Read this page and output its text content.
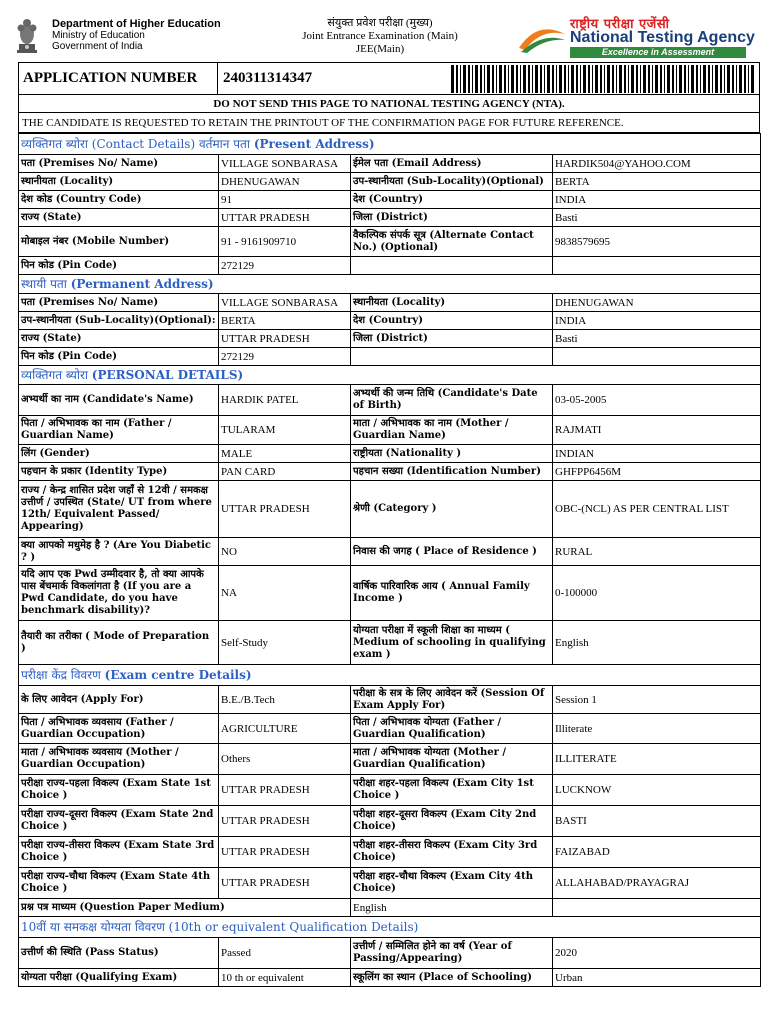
Department of Higher Education
Ministry of Education
Government of India
संयुक्त प्रवेश परीक्षा (मुख्य)
Joint Entrance Examination (Main)
JEE(Main)
राष्ट्रीय परीक्षा एजेंसी
National Testing Agency
Excellence in Assessment
APPLICATION NUMBER 240311314347
DO NOT SEND THIS PAGE TO NATIONAL TESTING AGENCY (NTA).
THE CANDIDATE IS REQUESTED TO RETAIN THE PRINTOUT OF THE CONFIRMATION PAGE FOR FUTURE REFERENCE.
व्यक्तिगत ब्योरा (Contact Details) वर्तमान पता (Present Address)			
पता (Premises No/ Name)	VILLAGE SONBARASA	ईमेल पता (Email Address)	HARDIK504@YAHOO.COM
स्थानीयता (Locality)	DHENUGAWAN	उप-स्थानीयता (Sub-Locality)(Optional)	BERTA
देश कोड (Country Code)	91	देश (Country)	INDIA
राज्य (State)	UTTAR PRADESH	जिला (District)	Basti
मोबाइल नंबर (Mobile Number)	91 - 9161909710	वैकल्पिक संपर्क सूत्र (Alternate Contact No.) (Optional)	9838579695
पिन कोड (Pin Code)	272129		
स्थायी पता (Permanent Address)			
पता (Premises No/ Name)	VILLAGE SONBARASA	स्थानीयता (Locality)	DHENUGAWAN
उप-स्थानीयता (Sub-Locality)(Optional):	BERTA	देश (Country)	INDIA
राज्य (State)	UTTAR PRADESH	जिला (District)	Basti
पिन कोड (Pin Code)	272129		
व्यक्तिगत ब्योरा (PERSONAL DETAILS)			
अभ्यर्थी का नाम (Candidate's Name)	HARDIK PATEL	अभ्यर्थी की जन्म तिथि (Candidate's Date of Birth)	03-05-2005
पिता / अभिभावक का नाम (Father / Guardian Name)	TULARAM	माता / अभिभावक का नाम (Mother / Guardian Name)	RAJMATI
लिंग (Gender)	MALE	राष्ट्रीयता (Nationality )	INDIAN
पहचान के प्रकार (Identity Type)	PAN CARD	पहचान सख्या (Identification Number)	GHFPP6456M
राज्य / केन्द्र शासित प्रदेश जहाँ से 12वी / समकक्ष उत्तीर्ण / उपस्थित (State/ UT from where 12th/ Equivalent Passed/ Appearing)	UTTAR PRADESH	श्रेणी (Category )	OBC-(NCL) AS PER CENTRAL LIST
क्या आपको मधुमेह है ? (Are You Diabetic ? )	NO	निवास की जगह ( Place of Residence )	RURAL
यदि आप एक Pwd उम्मीदवार है, तो क्या आपके पास बेंचमार्क विकलांगता है (If you are a Pwd Candidate, do you have benchmark disability)?	NA	वार्षिक पारिवारिक आय ( Annual Family Income )	0-100000
तैयारी का तरीका ( Mode of Preparation )	Self-Study	योग्यता परीक्षा में स्कूली शिक्षा का माध्यम ( Medium of schooling in qualifying exam )	English
परीक्षा केंद्र विवरण (Exam centre Details)			
के लिए आवेदन (Apply For)	B.E./B.Tech	परीक्षा के सत्र के लिए आवेदन करें (Session Of Exam Apply For)	Session 1
पिता / अभिभावक व्यवसाय (Father / Guardian Occupation)	AGRICULTURE	पिता / अभिभावक योग्यता (Father / Guardian Qualification)	Illiterate
माता / अभिभावक व्यवसाय (Mother / Guardian Occupation)	Others	माता / अभिभावक योग्यता (Mother / Guardian Qualification)	ILLITERATE
परीक्षा राज्य-पहला विकल्प (Exam State 1st Choice )	UTTAR PRADESH	परीक्षा शहर-पहला विकल्प (Exam City 1st Choice )	LUCKNOW
परीक्षा राज्य-दूसरा विकल्प (Exam State 2nd Choice )	UTTAR PRADESH	परीक्षा शहर-दूसरा विकल्प (Exam City 2nd Choice)	BASTI
परीक्षा राज्य-तीसरा विकल्प (Exam State 3rd Choice )	UTTAR PRADESH	परीक्षा शहर-तीसरा विकल्प (Exam City 3rd Choice)	FAIZABAD
परीक्षा राज्य-चौथा विकल्प (Exam State 4th Choice )	UTTAR PRADESH	परीक्षा शहर-चौथा विकल्प (Exam City 4th Choice)	ALLAHABAD/PRAYAGRAJ
प्रश्न पत्र माध्यम (Question Paper Medium)		English	
10वीं या समकक्ष योग्यता विवरण (10th or equivalent Qualification Details)			
उत्तीर्ण की स्थिति (Pass Status)	Passed	उत्तीर्ण / सम्मिलित होने का वर्ष (Year of Passing/Appearing)	2020
योग्यता परीक्षा (Qualifying Exam)	10 th or equivalent	स्कूलिंग का स्थान (Place of Schooling)	Urban
